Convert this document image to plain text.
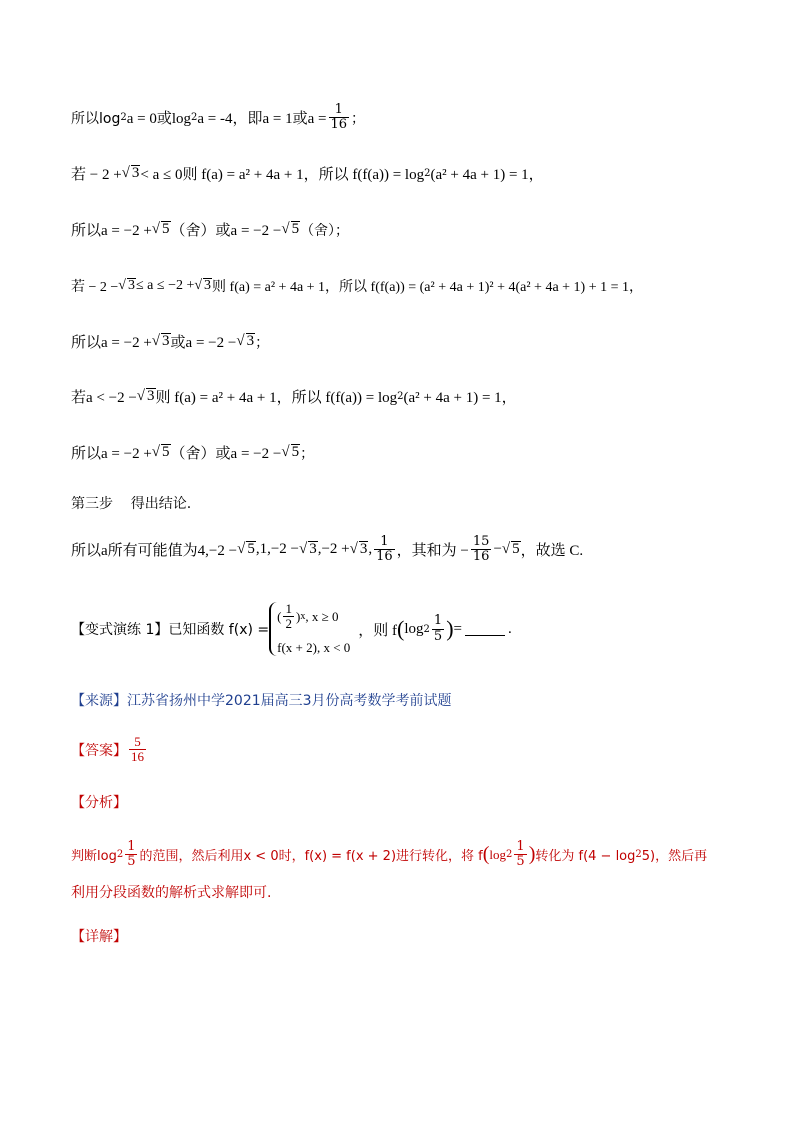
所以log 2 a = 0或log 2 a = -4，即a = 1或$a = \frac{1}{16}$ ；
若 − 2 + √ 3 < a ≤ 0则 f(a) = a² + 4a + 1，所以 f(f(a)) = log 2 (a² + 4a + 1) = 1，
所以a = −2 + √ 5 （舍）或a = −2 − √ 5 （舍）；
若 − 2 − √ 3 ≤ a ≤ −2 + √ 3 则 f(a) = a² + 4a + 1，所以 f(f(a)) = (a² + 4a + 1)² + 4(a² + 4a + 1) + 1 = 1，
所以a = −2 + √ 3 或a = −2 − √ 3 ；
若a < −2 − √ 3 则 f(a) = a² + 4a + 1，所以 f(f(a)) = log 2 (a² + 4a + 1) = 1，
所以a = −2 + √ 5 （舍）或a = −2 − √ 5 ；
第三步    得出结论.
所以a所有可能值为4,−2 − √ 5 ,1,−2 − √ 3 ,−2 + √ 3 , $\frac{1}{16}$ ，其和为 − $\frac{15}{16}$ − √ 5 ，故选 C.
【变式演练 1】已知函数 f(x) =
( $\frac{1}{2}$ ) x , x ≥ 0
f(x + 2), x < 0
，则 f ( $\log 2 \frac{1}{5}$ ) =	.
【来源】 江苏省扬州中学2021届高三3月份高考数学考前试题
【答案】 $\frac{5}{16}$
【分析】
判断$\log 2 \frac{1}{5}$ 的范围，然后利用x < 0时，f(x) = f(x + 2)进行转化，将 f ( $\log 2 \frac{1}{5}$ ) 转化为 f(4 − log 2 5)，然后再
利用分段函数的解析式求解即可.
【详解】
